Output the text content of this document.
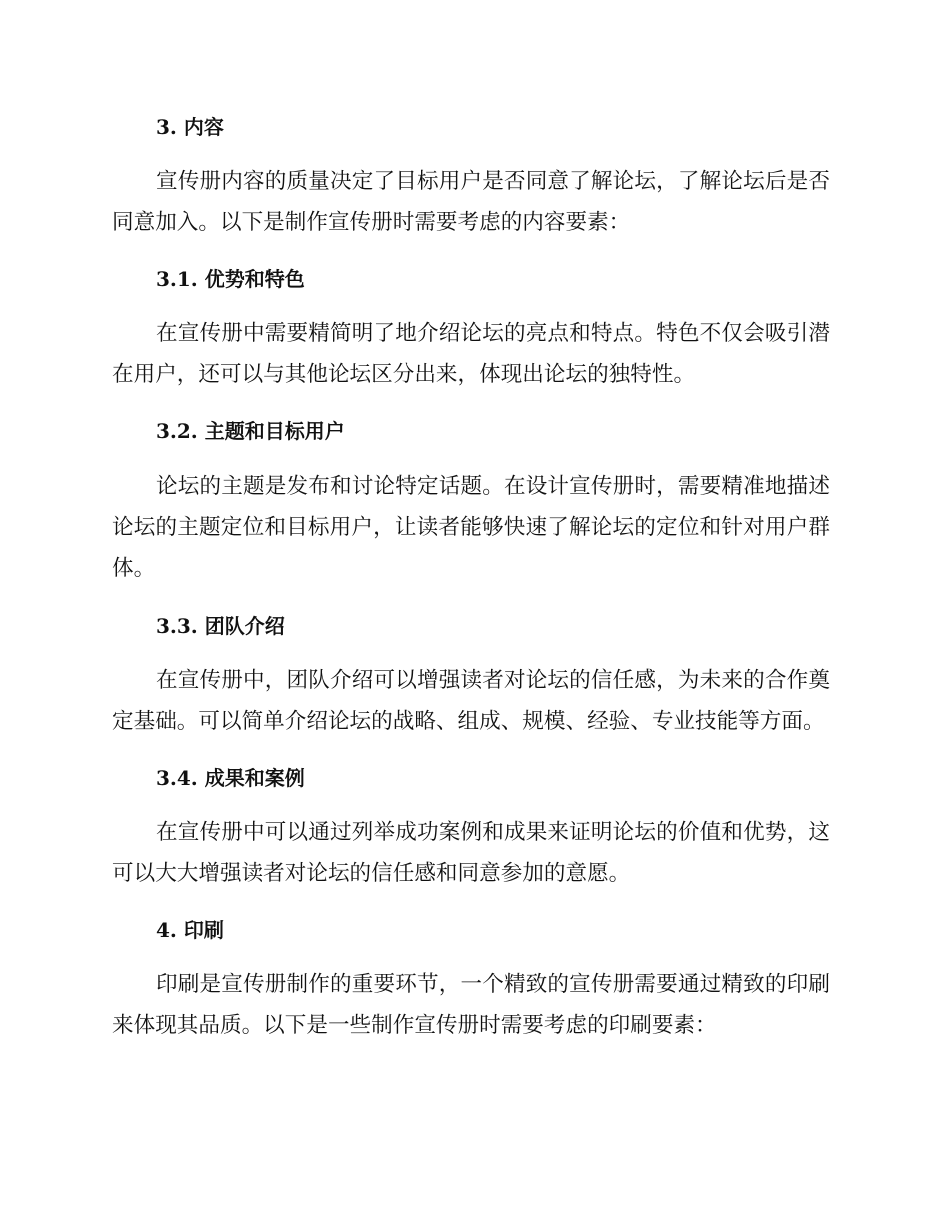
3. 内容

宣传册内容的质量决定了目标用户是否同意了解论坛，了解论坛后是否同意加入。以下是制作宣传册时需要考虑的内容要素：

3.1. 优势和特色

在宣传册中需要精简明了地介绍论坛的亮点和特点。特色不仅会吸引潜在用户，还可以与其他论坛区分出来，体现出论坛的独特性。

3.2. 主题和目标用户

论坛的主题是发布和讨论特定话题。在设计宣传册时，需要精准地描述论坛的主题定位和目标用户，让读者能够快速了解论坛的定位和针对用户群体。

3.3. 团队介绍

在宣传册中，团队介绍可以增强读者对论坛的信任感，为未来的合作奠定基础。可以简单介绍论坛的战略、组成、规模、经验、专业技能等方面。

3.4. 成果和案例

在宣传册中可以通过列举成功案例和成果来证明论坛的价值和优势，这可以大大增强读者对论坛的信任感和同意参加的意愿。

4. 印刷

印刷是宣传册制作的重要环节，一个精致的宣传册需要通过精致的印刷来体现其品质。以下是一些制作宣传册时需要考虑的印刷要素：
